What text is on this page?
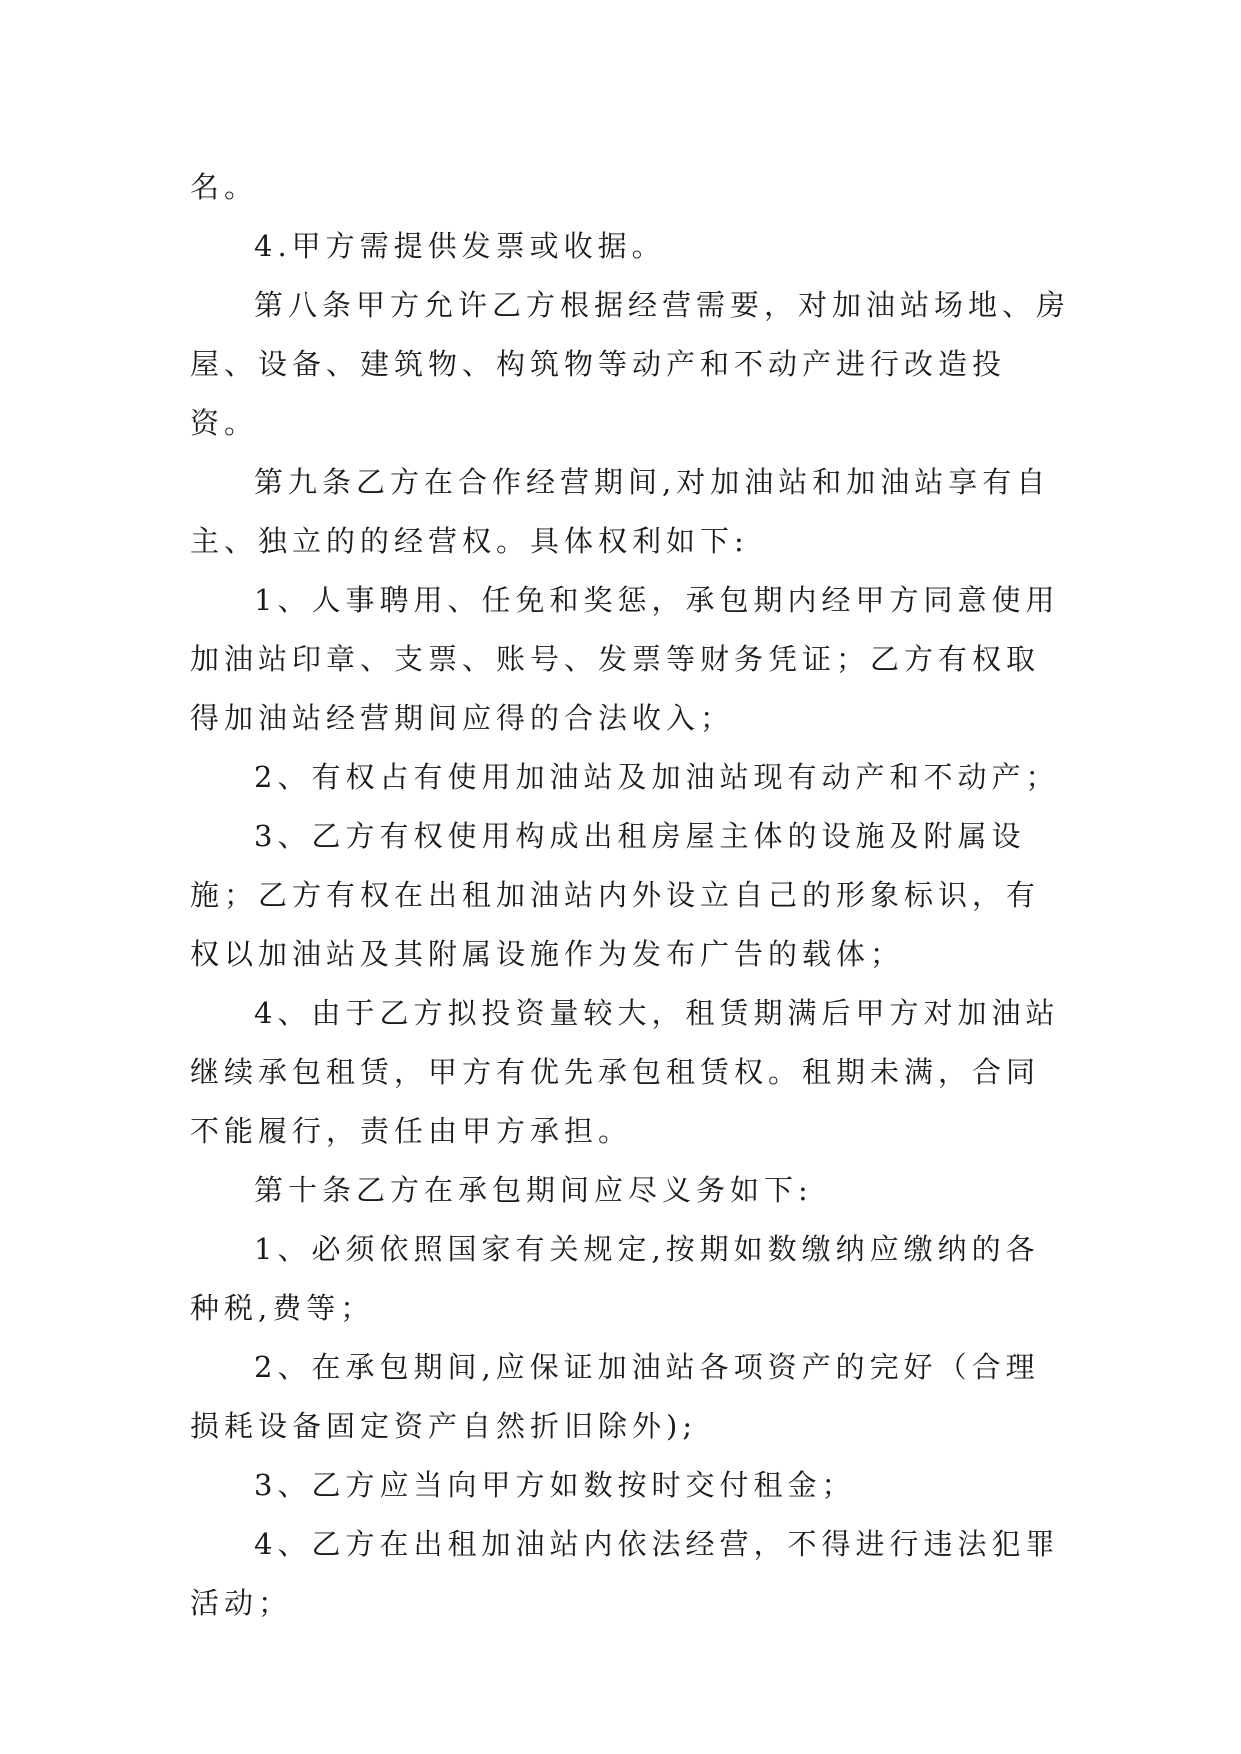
名。

4.甲方需提供发票或收据。

第八条甲方允许乙方根据经营需要，对加油站场地、房屋、设备、建筑物、构筑物等动产和不动产进行改造投资。

第九条乙方在合作经营期间,对加油站和加油站享有自主、独立的的经营权。具体权利如下:

1、人事聘用、任免和奖惩，承包期内经甲方同意使用加油站印章、支票、账号、发票等财务凭证；乙方有权取得加油站经营期间应得的合法收入；

2、有权占有使用加油站及加油站现有动产和不动产；

3、乙方有权使用构成出租房屋主体的设施及附属设施；乙方有权在出租加油站内外设立自己的形象标识，有权以加油站及其附属设施作为发布广告的载体；

4、由于乙方拟投资量较大，租赁期满后甲方对加油站继续承包租赁，甲方有优先承包租赁权。租期未满，合同不能履行，责任由甲方承担。

第十条乙方在承包期间应尽义务如下:

1、必须依照国家有关规定,按期如数缴纳应缴纳的各种税,费等；

2、在承包期间,应保证加油站各项资产的完好（合理损耗设备固定资产自然折旧除外);

3、乙方应当向甲方如数按时交付租金；

4、乙方在出租加油站内依法经营，不得进行违法犯罪活动；
